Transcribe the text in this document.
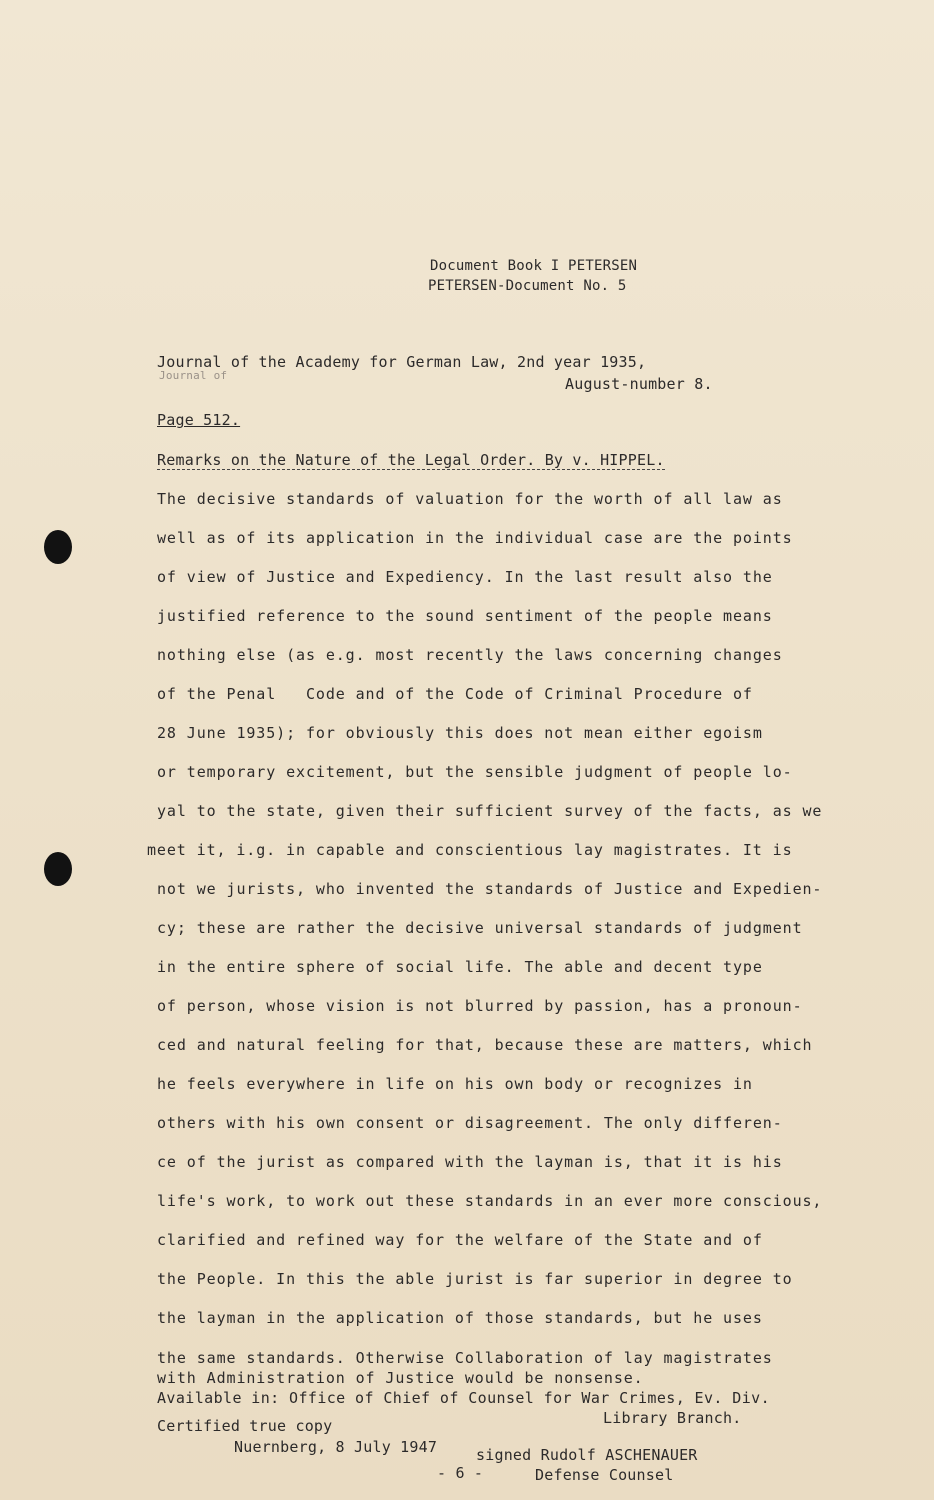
Document Book I PETERSEN
PETERSEN-Document No. 5
Journal of the Academy for German Law, 2nd year 1935,
Journal of	August-number 8.
Page 512.
Remarks on the Nature of the Legal Order. By v. HIPPEL.
The decisive standards of valuation for the worth of all law as
well as of its application in the individual case are the points
of view of Justice and Expediency. In the last result also the
justified reference to the sound sentiment of the people means
nothing else (as e.g. most recently the laws concerning changes
of the Penal   Code and of the Code of Criminal Procedure of
28 June 1935); for obviously this does not mean either egoism
or temporary excitement, but the sensible judgment of people lo-
yal to the state, given their sufficient survey of the facts, as we
meet it, i.g. in capable and conscientious lay magistrates. It is
not we jurists, who invented the standards of Justice and Expedien-
cy; these are rather the decisive universal standards of judgment
in the entire sphere of social life. The able and decent type
of person, whose vision is not blurred by passion, has a pronoun-
ced and natural feeling for that, because these are matters, which
he feels everywhere in life on his own body or recognizes in
others with his own consent or disagreement. The only differen-
ce of the jurist as compared with the layman is, that it is his
life's work, to work out these standards in an ever more conscious,
clarified and refined way for the welfare of the State and of
the People. In this the able jurist is far superior in degree to
the layman in the application of those standards, but he uses
the same standards. Otherwise Collaboration of lay magistrates
with Administration of Justice would be nonsense.
Available in: Office of Chief of Counsel for War Crimes, Ev. Div.
Library Branch.
Certified true copy
Nuernberg, 8 July 1947	signed Rudolf ASCHENAUER
- 6 -	Defense Counsel
